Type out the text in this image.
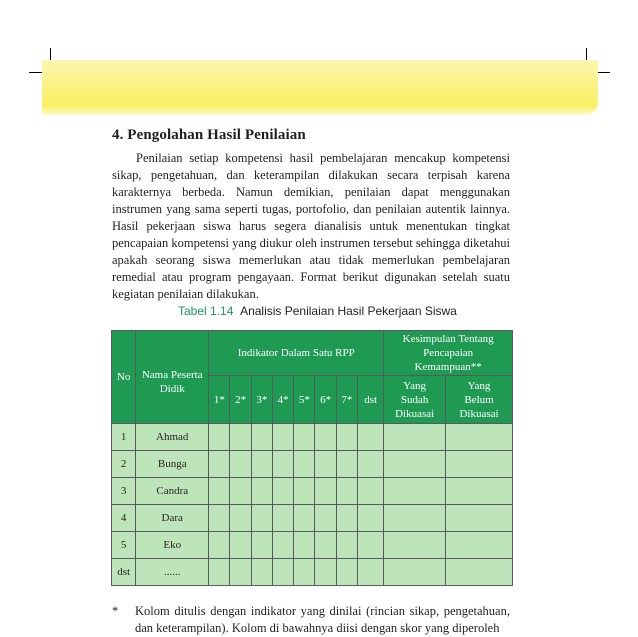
4. Pengolahan Hasil Penilaian

Penilaian setiap kompetensi hasil pembelajaran mencakup kompetensi sikap, pengetahuan, dan keterampilan dilakukan secara terpisah karena karakternya berbeda. Namun demikian, penilaian dapat menggunakan instrumen yang sama seperti tugas, portofolio, dan penilaian autentik lainnya. Hasil pekerjaan siswa harus segera dianalisis untuk menentukan tingkat pencapaian kompetensi yang diukur oleh instrumen tersebut sehingga diketahui apakah seorang siswa memerlukan atau tidak memerlukan pembelajaran remedial atau program pengayaan. Format berikut digunakan setelah suatu kegiatan penilaian dilakukan.

Tabel 1.14 Analisis Penilaian Hasil Pekerjaan Siswa
No	Nama Peserta Didik	Indikator Dalam Satu RPP								Kesimpulan Tentang Pencapaian Kemampuan**	
		1*	2*	3*	4*	5*	6*	7*	dst	Yang Sudah Dikuasai	Yang Belum Dikuasai
1	Ahmad										
2	Bunga										
3	Candra										
4	Dara										
5	Eko										
dst	......										
*	Kolom ditulis dengan indikator yang dinilai (rincian sikap, pengetahuan, dan keterampilan). Kolom di bawahnya diisi dengan skor yang diperoleh
